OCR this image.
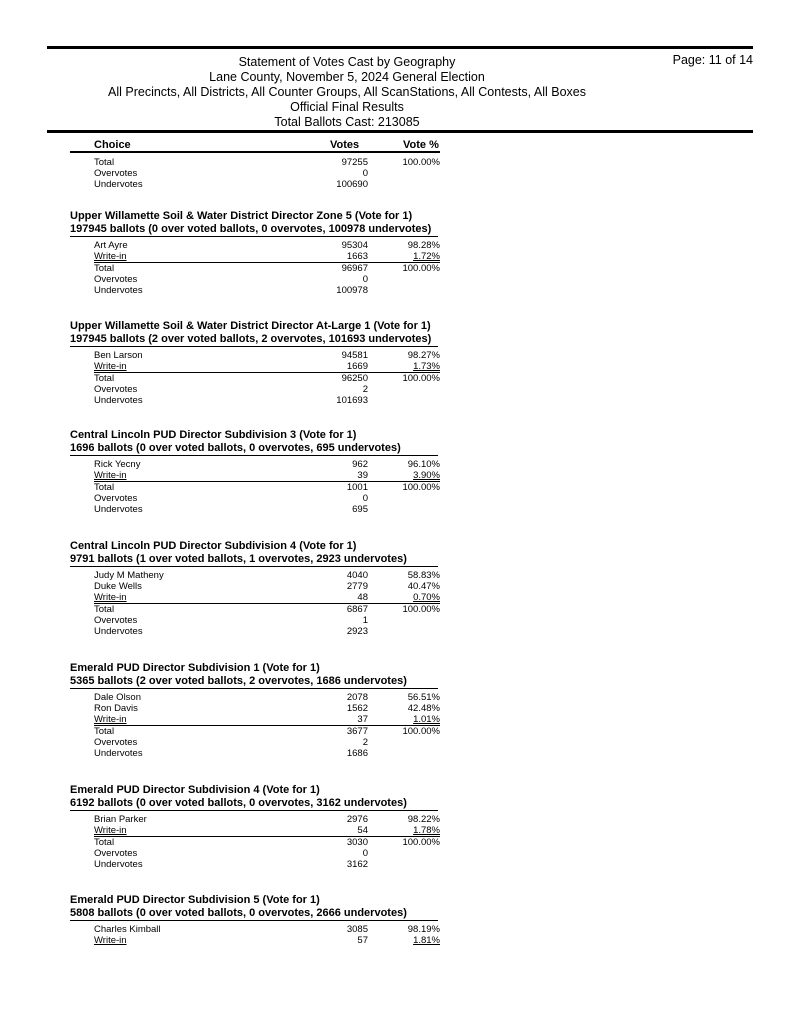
Statement of Votes Cast by Geography
Lane County, November 5, 2024 General Election
All Precincts, All Districts, All Counter Groups, All ScanStations, All Contests, All Boxes
Official Final Results
Total Ballots Cast: 213085
Page: 11 of 14
Choice	Votes	Vote %
Total	97255	100.00%
Overvotes	0
Undervotes	100690
Upper Willamette Soil & Water District Director Zone 5 (Vote for 1)
197945 ballots (0 over voted ballots, 0 overvotes, 100978 undervotes)
Art Ayre	95304	98.28%
Write-in	1663	1.72%
Total	96967	100.00%
Overvotes	0
Undervotes	100978
Upper Willamette Soil & Water District Director At-Large 1 (Vote for 1)
197945 ballots (2 over voted ballots, 2 overvotes, 101693 undervotes)
Ben Larson	94581	98.27%
Write-in	1669	1.73%
Total	96250	100.00%
Overvotes	2
Undervotes	101693
Central Lincoln PUD Director Subdivision 3 (Vote for 1)
1696 ballots (0 over voted ballots, 0 overvotes, 695 undervotes)
Rick Yecny	962	96.10%
Write-in	39	3.90%
Total	1001	100.00%
Overvotes	0
Undervotes	695
Central Lincoln PUD Director Subdivision 4 (Vote for 1)
9791 ballots (1 over voted ballots, 1 overvotes, 2923 undervotes)
Judy M Matheny	4040	58.83%
Duke Wells	2779	40.47%
Write-in	48	0.70%
Total	6867	100.00%
Overvotes	1
Undervotes	2923
Emerald PUD Director Subdivision 1 (Vote for 1)
5365 ballots (2 over voted ballots, 2 overvotes, 1686 undervotes)
Dale Olson	2078	56.51%
Ron Davis	1562	42.48%
Write-in	37	1.01%
Total	3677	100.00%
Overvotes	2
Undervotes	1686
Emerald PUD Director Subdivision 4 (Vote for 1)
6192 ballots (0 over voted ballots, 0 overvotes, 3162 undervotes)
Brian Parker	2976	98.22%
Write-in	54	1.78%
Total	3030	100.00%
Overvotes	0
Undervotes	3162
Emerald PUD Director Subdivision 5 (Vote for 1)
5808 ballots (0 over voted ballots, 0 overvotes, 2666 undervotes)
Charles Kimball	3085	98.19%
Write-in	57	1.81%
